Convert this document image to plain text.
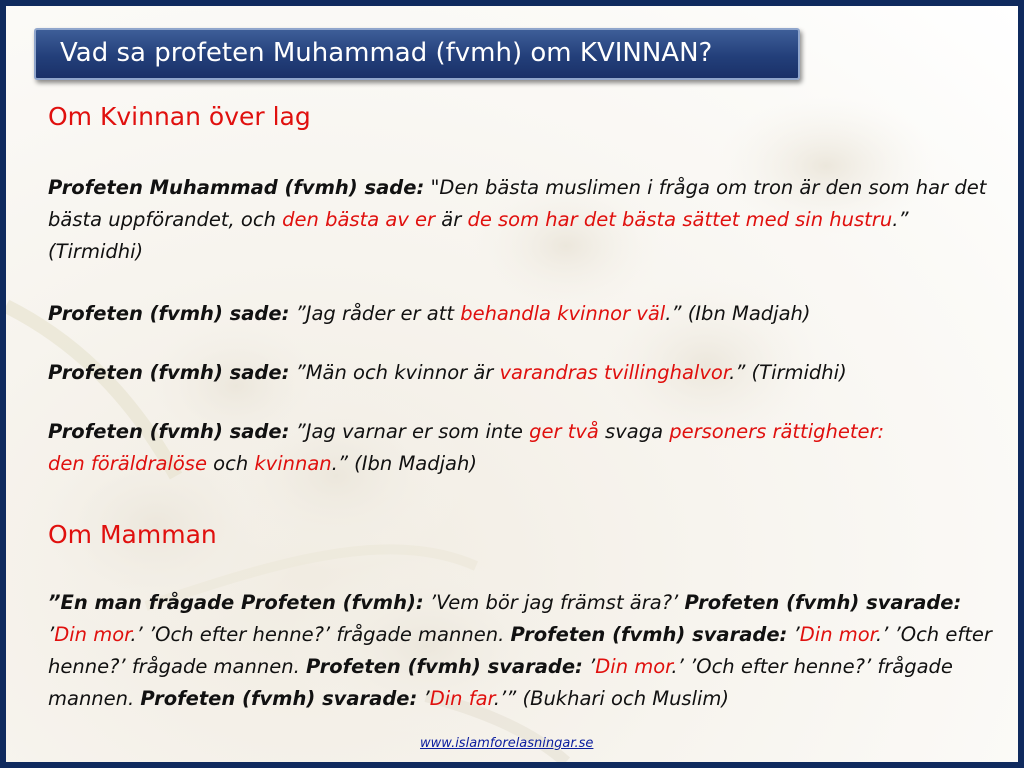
Vad sa profeten Muhammad (fvmh) om KVINNAN?
Om Kvinnan över lag
Profeten Muhammad (fvmh) sade: "Den bästa muslimen i fråga om tron är den som har det bästa uppförandet, och den bästa av er är de som har det bästa sättet med sin hustru.” (Tirmidhi)
Profeten (fvmh) sade: ”Jag råder er att behandla kvinnor väl.” (Ibn Madjah)
Profeten (fvmh) sade: ”Män och kvinnor är varandras tvillinghalvor.” (Tirmidhi)
Profeten (fvmh) sade: ”Jag varnar er som inte ger två svaga personers rättigheter:
den föräldralöse och kvinnan.” (Ibn Madjah)
Om Mamman
”En man frågade Profeten (fvmh): ’Vem bör jag främst ära?’ Profeten (fvmh) svarade: ’Din mor.’ ’Och efter henne?’ frågade mannen. Profeten (fvmh) svarade: ’Din mor.’ ’Och efter henne?’ frågade mannen. Profeten (fvmh) svarade: ’Din mor.’ ’Och efter henne?’ frågade mannen. Profeten (fvmh) svarade: ’Din far.’” (Bukhari och Muslim)
www.islamforelasningar.se
